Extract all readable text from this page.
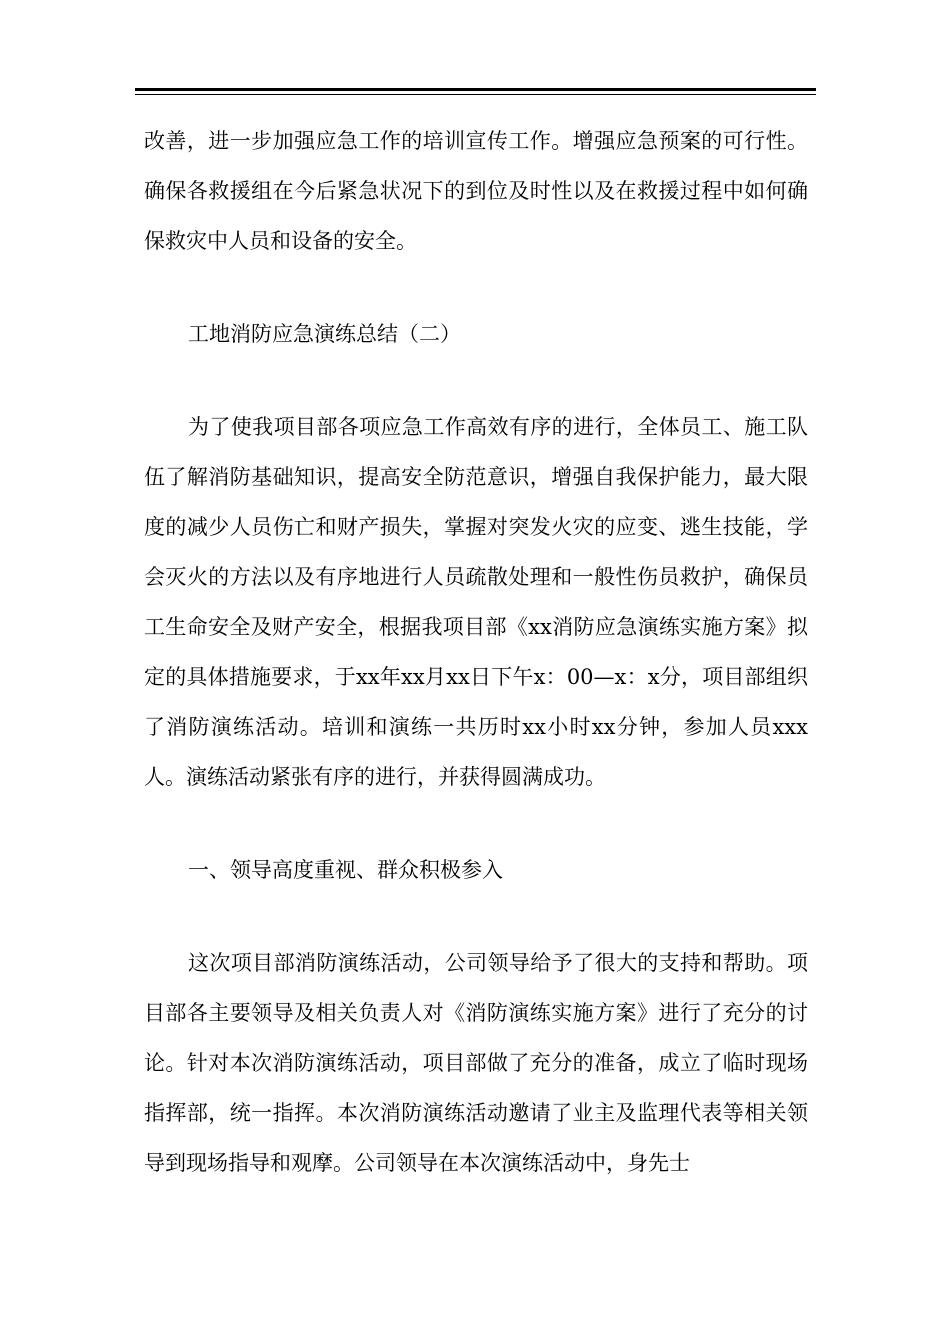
改善，进一步加强应急工作的培训宣传工作。增强应急预案的可行性。确保各救援组在今后紧急状况下的到位及时性以及在救援过程中如何确保救灾中人员和设备的安全。

工地消防应急演练总结（二）

为了使我项目部各项应急工作高效有序的进行，全体员工、施工队伍了解消防基础知识，提高安全防范意识，增强自我保护能力，最大限度的减少人员伤亡和财产损失，掌握对突发火灾的应变、逃生技能，学会灭火的方法以及有序地进行人员疏散处理和一般性伤员救护，确保员工生命安全及财产安全，根据我项目部《xx消防应急演练实施方案》拟定的具体措施要求，于xx年xx月xx日下午x：00—x：x分，项目部组织了消防演练活动。培训和演练一共历时xx小时xx分钟，参加人员xxx人。演练活动紧张有序的进行，并获得圆满成功。

一、领导高度重视、群众积极参入

这次项目部消防演练活动，公司领导给予了很大的支持和帮助。项目部各主要领导及相关负责人对《消防演练实施方案》进行了充分的讨论。针对本次消防演练活动，项目部做了充分的准备，成立了临时现场指挥部，统一指挥。本次消防演练活动邀请了业主及监理代表等相关领导到现场指导和观摩。公司领导在本次演练活动中，身先士
